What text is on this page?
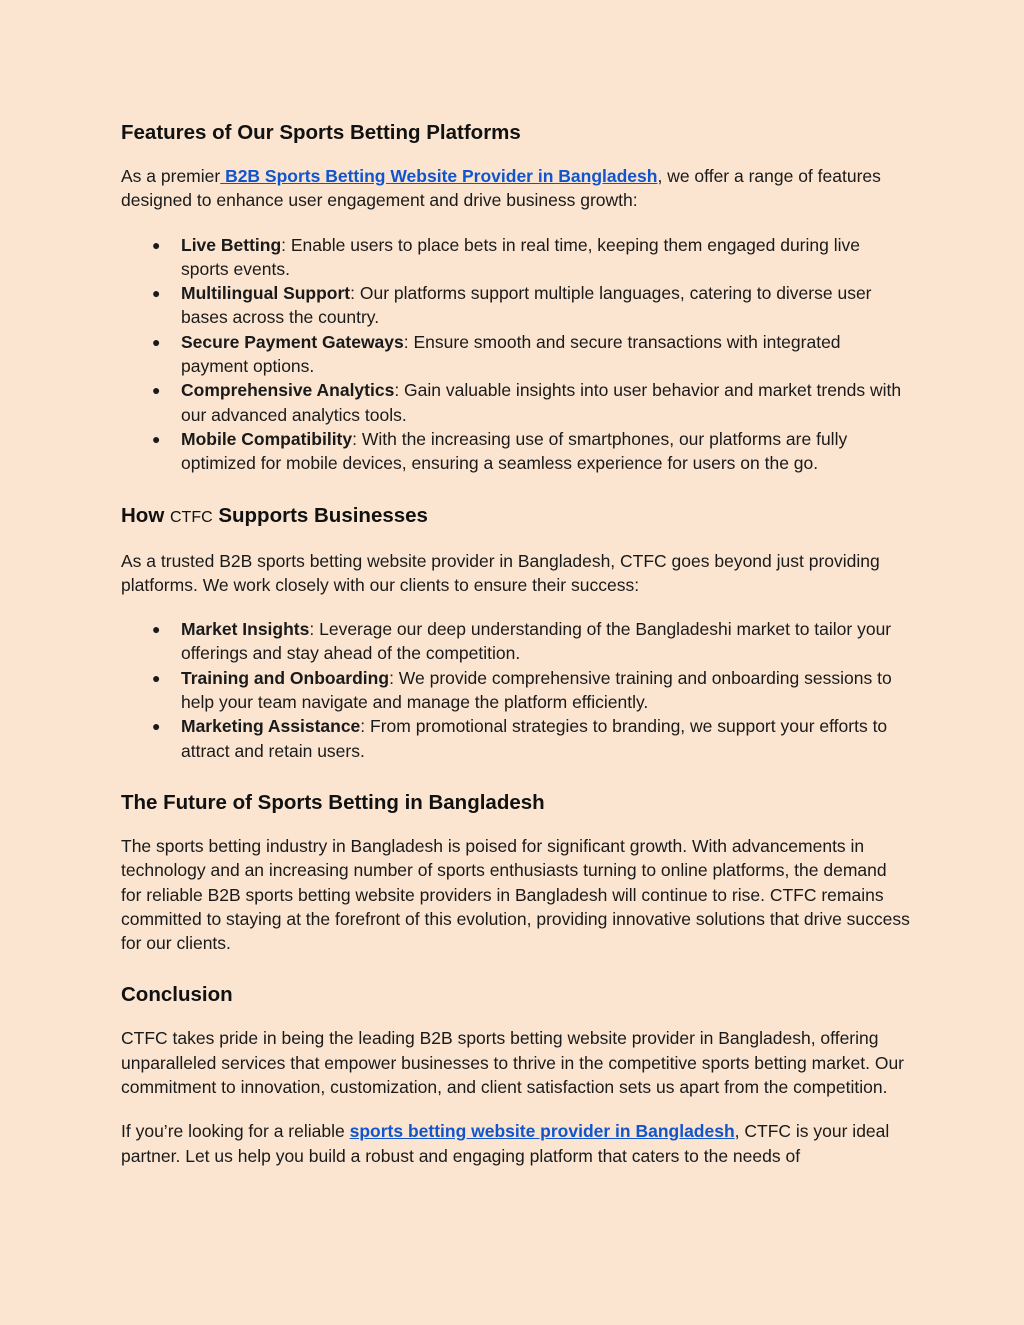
Features of Our Sports Betting Platforms

As a premier B2B Sports Betting Website Provider in Bangladesh, we offer a range of features designed to enhance user engagement and drive business growth:

● Live Betting: Enable users to place bets in real time, keeping them engaged during live sports events.
● Multilingual Support: Our platforms support multiple languages, catering to diverse user bases across the country.
● Secure Payment Gateways: Ensure smooth and secure transactions with integrated payment options.
● Comprehensive Analytics: Gain valuable insights into user behavior and market trends with our advanced analytics tools.
● Mobile Compatibility: With the increasing use of smartphones, our platforms are fully optimized for mobile devices, ensuring a seamless experience for users on the go.
How CTFC Supports Businesses

As a trusted B2B sports betting website provider in Bangladesh, CTFC goes beyond just providing platforms. We work closely with our clients to ensure their success:

● Market Insights: Leverage our deep understanding of the Bangladeshi market to tailor your offerings and stay ahead of the competition.
● Training and Onboarding: We provide comprehensive training and onboarding sessions to help your team navigate and manage the platform efficiently.
● Marketing Assistance: From promotional strategies to branding, we support your efforts to attract and retain users.
The Future of Sports Betting in Bangladesh

The sports betting industry in Bangladesh is poised for significant growth. With advancements in technology and an increasing number of sports enthusiasts turning to online platforms, the demand for reliable B2B sports betting website providers in Bangladesh will continue to rise. CTFC remains committed to staying at the forefront of this evolution, providing innovative solutions that drive success for our clients.

Conclusion

CTFC takes pride in being the leading B2B sports betting website provider in Bangladesh, offering unparalleled services that empower businesses to thrive in the competitive sports betting market. Our commitment to innovation, customization, and client satisfaction sets us apart from the competition.

If you’re looking for a reliable sports betting website provider in Bangladesh, CTFC is your ideal partner. Let us help you build a robust and engaging platform that caters to the needs of
